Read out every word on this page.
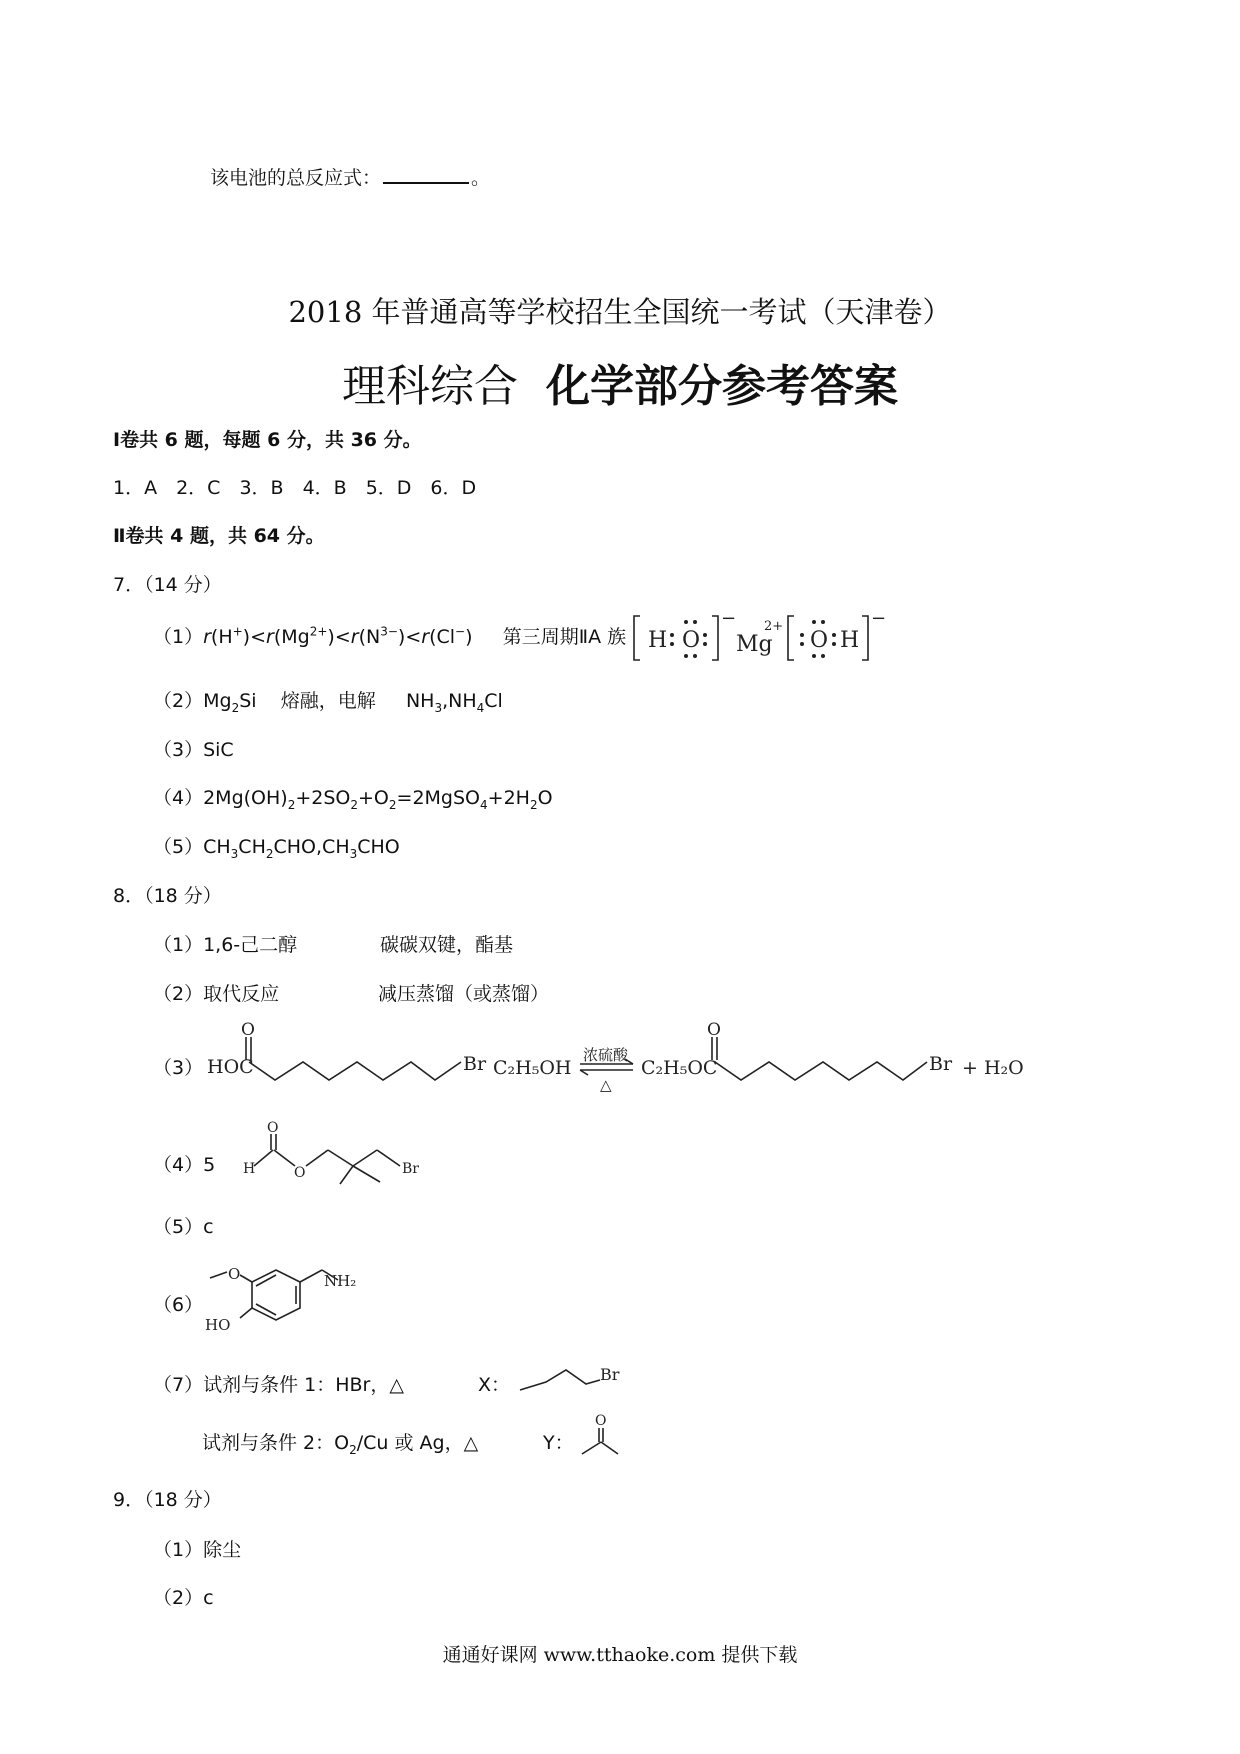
该电池的总反应式：	。
2018 年普通高等学校招生全国统一考试（天津卷）
理科综合 化学部分参考答案
Ⅰ卷共 6 题，每题 6 分，共 36 分。
1．A　2．C　3．B　4．B　5．D　6．D
Ⅱ卷共 4 题，共 64 分。
7．（14 分）
$(1)r(H^+)<r(Mg^{2+})<r(N^{3-})<r(Cl^-)$ 第三周期ⅡA 族 H O
−
Mg
2+
O H
−
$(2)Mg_2Si$ 熔融，电解 $NH_3,NH_4Cl$
（3）SiC
$(4)2Mg(OH)_2+2SO_2+O_2=2MgSO_4+2H_2O$
$(5)CH_3CH_2CHO,CH_3CHO$
8．（18 分）
（1）1,6-己二醇	碳碳双键，酯基
（2）取代反应	减压蒸馏（或蒸馏）
（3） HOC
O
Br C₂H₅OH
浓硫酸
△
C₂H₅OC
O
Br + H₂O
（4）5 H
O
O	Br
（5）c
（6）
O
HO
NH₂
（7）试剂与条件 1：HBr，△	X：	Br
试剂与条件 2：$O_2/Cu$ 或 Ag，△	Y：
O
9．（18 分）
（1）除尘
（2）c
通通好课网 www.tthaoke.com 提供下载
